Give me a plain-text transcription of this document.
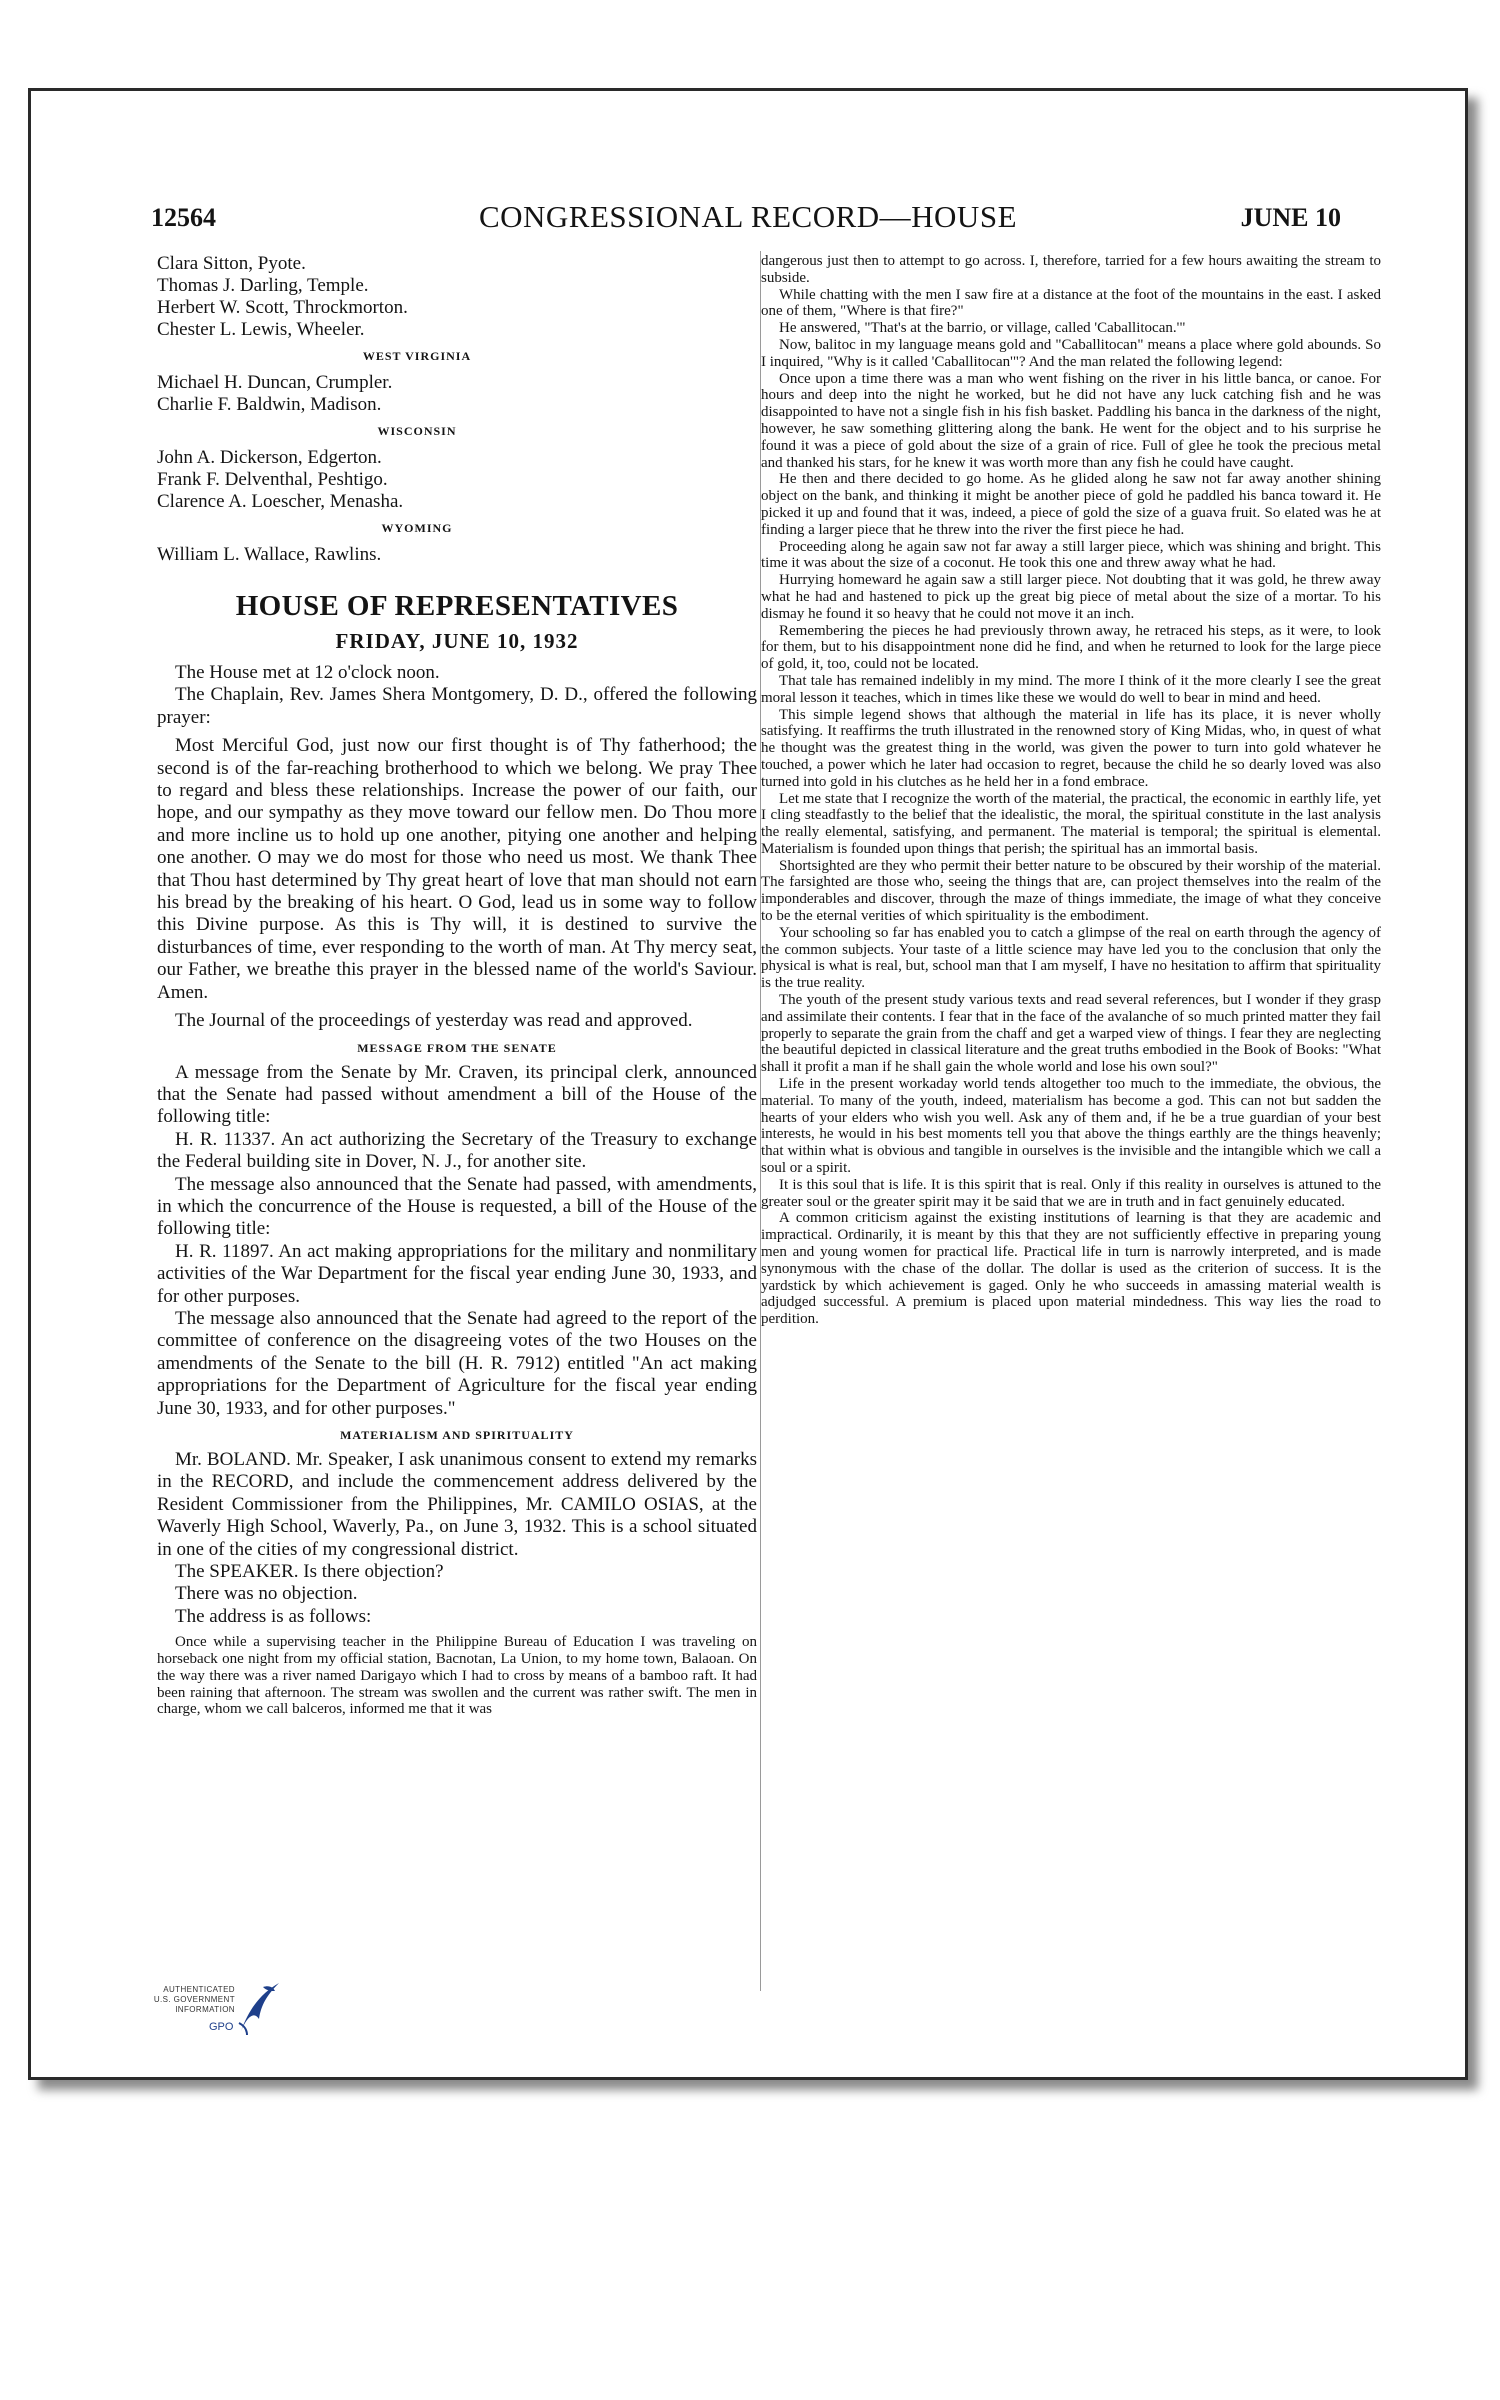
12564	CONGRESSIONAL RECORD—HOUSE	JUNE 10
Clara Sitton, Pyote.
Thomas J. Darling, Temple.
Herbert W. Scott, Throckmorton.
Chester L. Lewis, Wheeler.
WEST VIRGINIA
Michael H. Duncan, Crumpler.
Charlie F. Baldwin, Madison.
WISCONSIN
John A. Dickerson, Edgerton.
Frank F. Delventhal, Peshtigo.
Clarence A. Loescher, Menasha.
WYOMING
William L. Wallace, Rawlins.
HOUSE OF REPRESENTATIVES
FRIDAY, JUNE 10, 1932

The House met at 12 o'clock noon.

The Chaplain, Rev. James Shera Montgomery, D. D., offered the following prayer:

Most Merciful God, just now our first thought is of Thy fatherhood; the second is of the far-reaching brotherhood to which we belong. We pray Thee to regard and bless these relationships. Increase the power of our faith, our hope, and our sympathy as they move toward our fellow men. Do Thou more and more incline us to hold up one another, pitying one another and helping one another. O may we do most for those who need us most. We thank Thee that Thou hast determined by Thy great heart of love that man should not earn his bread by the breaking of his heart. O God, lead us in some way to follow this Divine purpose. As this is Thy will, it is destined to survive the disturbances of time, ever responding to the worth of man. At Thy mercy seat, our Father, we breathe this prayer in the blessed name of the world's Saviour. Amen.

The Journal of the proceedings of yesterday was read and approved.

MESSAGE FROM THE SENATE

A message from the Senate by Mr. Craven, its principal clerk, announced that the Senate had passed without amendment a bill of the House of the following title:

H. R. 11337. An act authorizing the Secretary of the Treasury to exchange the Federal building site in Dover, N. J., for another site.

The message also announced that the Senate had passed, with amendments, in which the concurrence of the House is requested, a bill of the House of the following title:

H. R. 11897. An act making appropriations for the military and nonmilitary activities of the War Department for the fiscal year ending June 30, 1933, and for other purposes.

The message also announced that the Senate had agreed to the report of the committee of conference on the disagreeing votes of the two Houses on the amendments of the Senate to the bill (H. R. 7912) entitled "An act making appropriations for the Department of Agriculture for the fiscal year ending June 30, 1933, and for other purposes."

MATERIALISM AND SPIRITUALITY

Mr. BOLAND. Mr. Speaker, I ask unanimous consent to extend my remarks in the RECORD, and include the commencement address delivered by the Resident Commissioner from the Philippines, Mr. CAMILO OSIAS, at the Waverly High School, Waverly, Pa., on June 3, 1932. This is a school situated in one of the cities of my congressional district.

The SPEAKER. Is there objection?

There was no objection.

The address is as follows:

Once while a supervising teacher in the Philippine Bureau of Education I was traveling on horseback one night from my official station, Bacnotan, La Union, to my home town, Balaoan. On the way there was a river named Darigayo which I had to cross by means of a bamboo raft. It had been raining that afternoon. The stream was swollen and the current was rather swift. The men in charge, whom we call balceros, informed me that it was

dangerous just then to attempt to go across. I, therefore, tarried for a few hours awaiting the stream to subside.

While chatting with the men I saw fire at a distance at the foot of the mountains in the east. I asked one of them, "Where is that fire?"

He answered, "That's at the barrio, or village, called 'Caballitocan.'"

Now, balitoc in my language means gold and "Caballitocan" means a place where gold abounds. So I inquired, "Why is it called 'Caballitocan'"? And the man related the following legend:

Once upon a time there was a man who went fishing on the river in his little banca, or canoe. For hours and deep into the night he worked, but he did not have any luck catching fish and he was disappointed to have not a single fish in his fish basket. Paddling his banca in the darkness of the night, however, he saw something glittering along the bank. He went for the object and to his surprise he found it was a piece of gold about the size of a grain of rice. Full of glee he took the precious metal and thanked his stars, for he knew it was worth more than any fish he could have caught.

He then and there decided to go home. As he glided along he saw not far away another shining object on the bank, and thinking it might be another piece of gold he paddled his banca toward it. He picked it up and found that it was, indeed, a piece of gold the size of a guava fruit. So elated was he at finding a larger piece that he threw into the river the first piece he had.

Proceeding along he again saw not far away a still larger piece, which was shining and bright. This time it was about the size of a coconut. He took this one and threw away what he had.

Hurrying homeward he again saw a still larger piece. Not doubting that it was gold, he threw away what he had and hastened to pick up the great big piece of metal about the size of a mortar. To his dismay he found it so heavy that he could not move it an inch.

Remembering the pieces he had previously thrown away, he retraced his steps, as it were, to look for them, but to his disappointment none did he find, and when he returned to look for the large piece of gold, it, too, could not be located.

That tale has remained indelibly in my mind. The more I think of it the more clearly I see the great moral lesson it teaches, which in times like these we would do well to bear in mind and heed.

This simple legend shows that although the material in life has its place, it is never wholly satisfying. It reaffirms the truth illustrated in the renowned story of King Midas, who, in quest of what he thought was the greatest thing in the world, was given the power to turn into gold whatever he touched, a power which he later had occasion to regret, because the child he so dearly loved was also turned into gold in his clutches as he held her in a fond embrace.

Let me state that I recognize the worth of the material, the practical, the economic in earthly life, yet I cling steadfastly to the belief that the idealistic, the moral, the spiritual constitute in the last analysis the really elemental, satisfying, and permanent. The material is temporal; the spiritual is elemental. Materialism is founded upon things that perish; the spiritual has an immortal basis.

Shortsighted are they who permit their better nature to be obscured by their worship of the material. The farsighted are those who, seeing the things that are, can project themselves into the realm of the imponderables and discover, through the maze of things immediate, the image of what they conceive to be the eternal verities of which spirituality is the embodiment.

Your schooling so far has enabled you to catch a glimpse of the real on earth through the agency of the common subjects. Your taste of a little science may have led you to the conclusion that only the physical is what is real, but, school man that I am myself, I have no hesitation to affirm that spirituality is the true reality.

The youth of the present study various texts and read several references, but I wonder if they grasp and assimilate their contents. I fear that in the face of the avalanche of so much printed matter they fail properly to separate the grain from the chaff and get a warped view of things. I fear they are neglecting the beautiful depicted in classical literature and the great truths embodied in the Book of Books: "What shall it profit a man if he shall gain the whole world and lose his own soul?"

Life in the present workaday world tends altogether too much to the immediate, the obvious, the material. To many of the youth, indeed, materialism has become a god. This can not but sadden the hearts of your elders who wish you well. Ask any of them and, if he be a true guardian of your best interests, he would in his best moments tell you that above the things earthly are the things heavenly; that within what is obvious and tangible in ourselves is the invisible and the intangible which we call a soul or a spirit.

It is this soul that is life. It is this spirit that is real. Only if this reality in ourselves is attuned to the greater soul or the greater spirit may it be said that we are in truth and in fact genuinely educated.

A common criticism against the existing institutions of learning is that they are academic and impractical. Ordinarily, it is meant by this that they are not sufficiently effective in preparing young men and young women for practical life. Practical life in turn is narrowly interpreted, and is made synonymous with the chase of the dollar. The dollar is used as the criterion of success. It is the yardstick by which achievement is gaged. Only he who succeeds in amassing material wealth is adjudged successful. A premium is placed upon material mindedness. This way lies the road to perdition.

AUTHENTICATED
U.S. GOVERNMENT
INFORMATION
GPO
